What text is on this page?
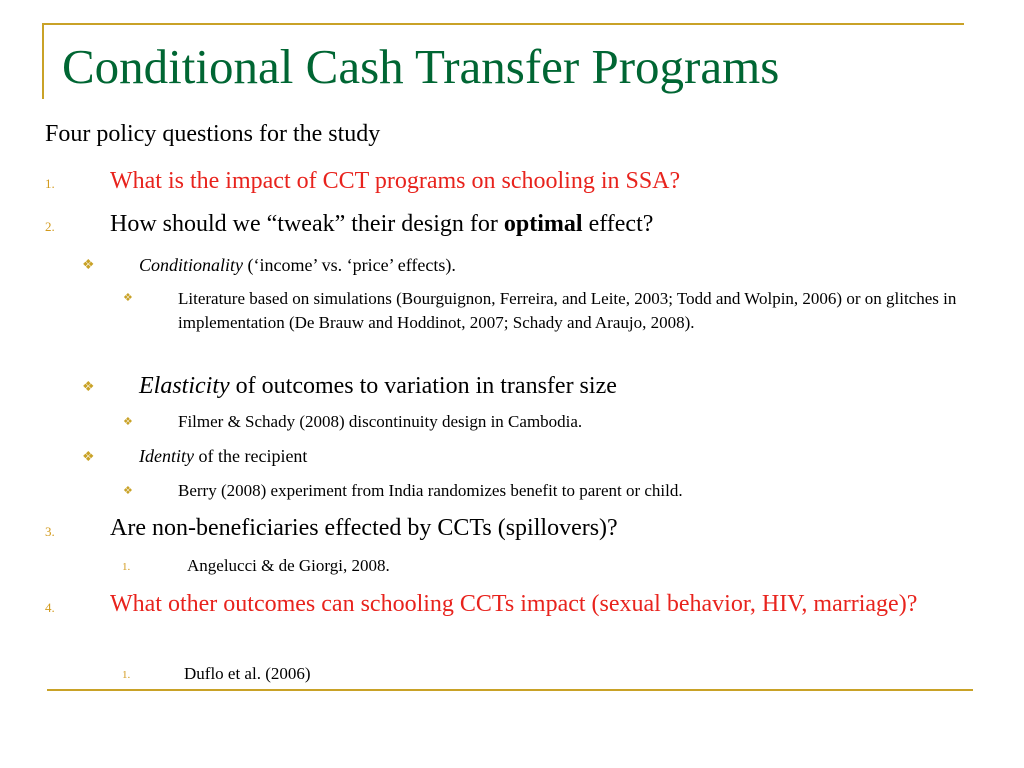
Conditional Cash Transfer Programs
Four policy questions for the study
1. What is the impact of CCT programs on schooling in SSA?
2. How should we “tweak” their design for optimal effect?
❖ Conditionality (‘income’ vs. ‘price’ effects).
❖	Literature based on simulations (Bourguignon, Ferreira, and Leite, 2003; Todd and Wolpin, 2006) or on glitches in implementation (De Brauw and Hoddinot, 2007; Schady and Araujo, 2008).
❖ Elasticity of outcomes to variation in transfer size
❖	Filmer & Schady (2008) discontinuity design in Cambodia.
❖ Identity of the recipient
❖	Berry (2008) experiment from India randomizes benefit to parent or child.
3. Are non-beneficiaries effected by CCTs (spillovers)?
1.	Angelucci & de Giorgi, 2008.
4. What other outcomes can schooling CCTs impact (sexual behavior, HIV, marriage)?
1.	Duflo et al. (2006)
